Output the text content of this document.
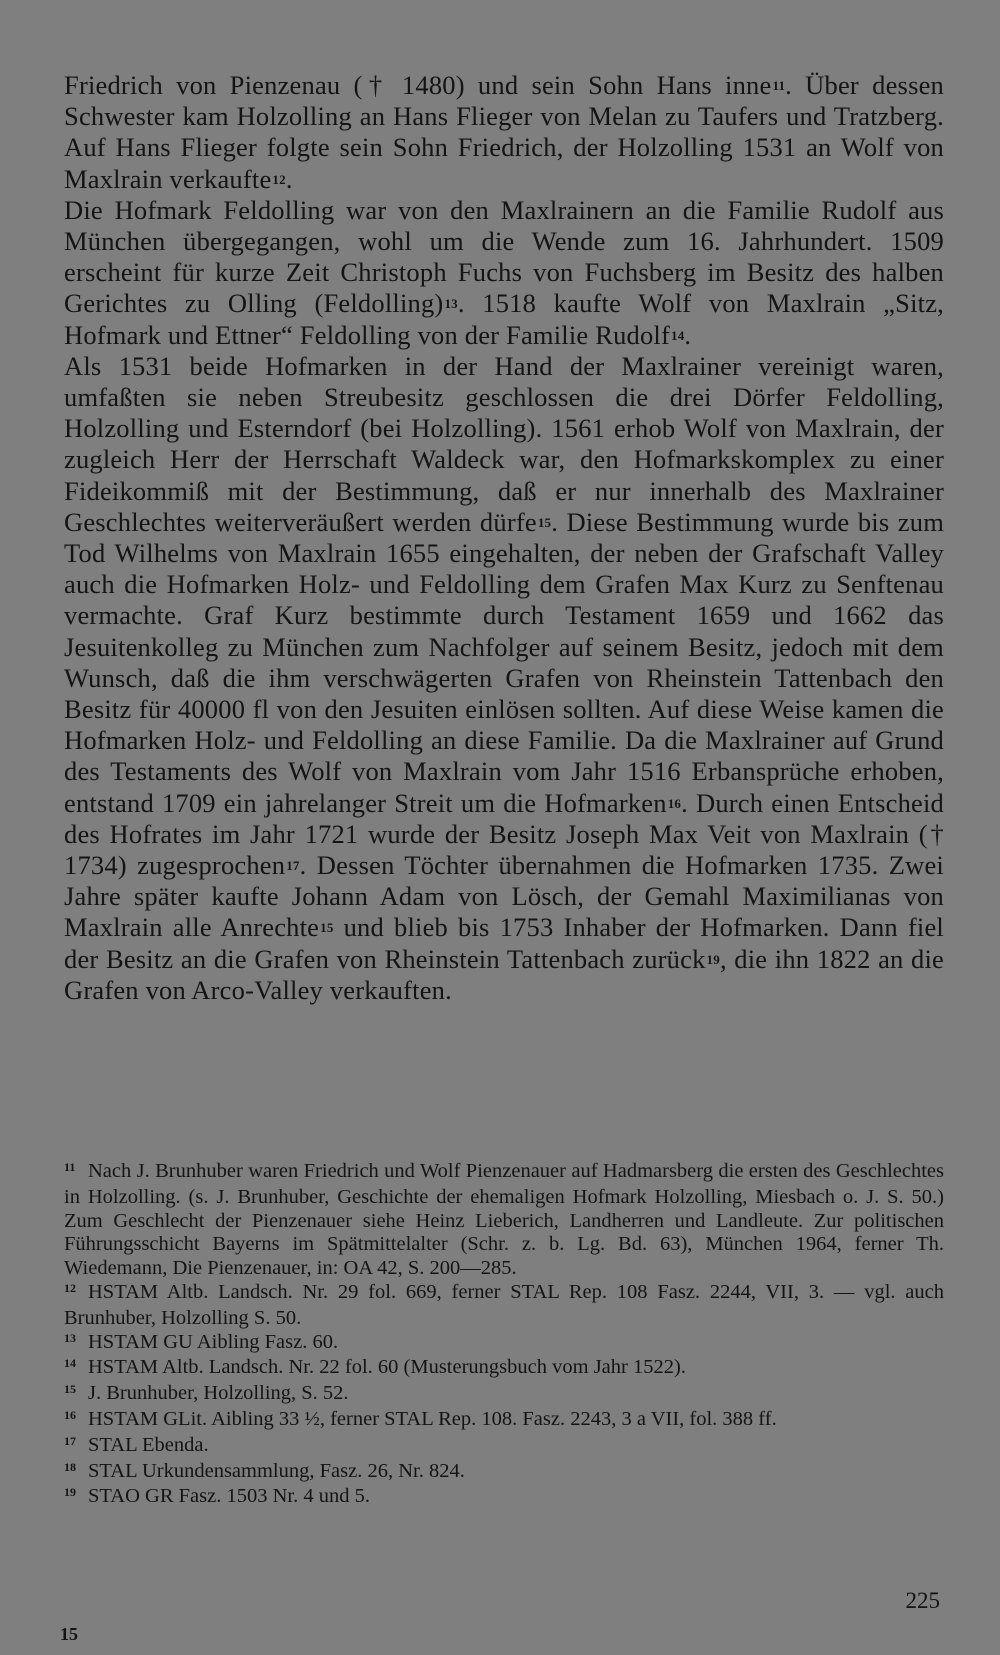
Friedrich von Pienzenau († 1480) und sein Sohn Hans inne$^{11}$. Über dessen Schwester kam Holzolling an Hans Flieger von Melan zu Taufers und Tratzberg. Auf Hans Flieger folgte sein Sohn Friedrich, der Holzolling 1531 an Wolf von Maxlrain verkaufte$^{12}$.

Die Hofmark Feldolling war von den Maxlrainern an die Familie Rudolf aus München übergegangen, wohl um die Wende zum 16. Jahrhundert. 1509 erscheint für kurze Zeit Christoph Fuchs von Fuchsberg im Besitz des halben Gerichtes zu Olling (Feldolling)$^{13}$. 1518 kaufte Wolf von Maxlrain „Sitz, Hofmark und Ettner“ Feldolling von der Familie Rudolf$^{14}$.

Als 1531 beide Hofmarken in der Hand der Maxlrainer vereinigt waren, umfaßten sie neben Streubesitz geschlossen die drei Dörfer Feldolling, Holzolling und Esterndorf (bei Holzolling). 1561 erhob Wolf von Maxlrain, der zugleich Herr der Herrschaft Waldeck war, den Hofmarkskomplex zu einer Fideikommiß mit der Bestimmung, daß er nur innerhalb des Maxlrainer Geschlechtes weiterveräußert werden dürfe$^{15}$. Diese Bestimmung wurde bis zum Tod Wilhelms von Maxlrain 1655 eingehalten, der neben der Grafschaft Valley auch die Hofmarken Holz- und Feldolling dem Grafen Max Kurz zu Senftenau vermachte. Graf Kurz bestimmte durch Testament 1659 und 1662 das Jesuitenkolleg zu München zum Nachfolger auf seinem Besitz, jedoch mit dem Wunsch, daß die ihm verschwägerten Grafen von Rheinstein Tattenbach den Besitz für 40000 fl von den Jesuiten einlösen sollten. Auf diese Weise kamen die Hofmarken Holz- und Feldolling an diese Familie. Da die Maxlrainer auf Grund des Testaments des Wolf von Maxlrain vom Jahr 1516 Erbansprüche erhoben, entstand 1709 ein jahrelanger Streit um die Hofmarken$^{16}$. Durch einen Entscheid des Hofrates im Jahr 1721 wurde der Besitz Joseph Max Veit von Maxlrain († 1734) zugesprochen$^{17}$. Dessen Töchter übernahmen die Hofmarken 1735. Zwei Jahre später kaufte Johann Adam von Lösch, der Gemahl Maximilianas von Maxlrain alle Anrechte$^{15}$ und blieb bis 1753 Inhaber der Hofmarken. Dann fiel der Besitz an die Grafen von Rheinstein Tattenbach zurück$^{19}$, die ihn 1822 an die Grafen von Arco-Valley verkauften.

11 Nach J. Brunhuber waren Friedrich und Wolf Pienzenauer auf Hadmarsberg die ersten des Geschlechtes in Holzolling. (s. J. Brunhuber, Geschichte der ehemaligen Hofmark Holzolling, Miesbach o. J. S. 50.) Zum Geschlecht der Pienzenauer siehe Heinz Lieberich, Landherren und Landleute. Zur politischen Führungsschicht Bayerns im Spätmittelalter (Schr. z. b. Lg. Bd. 63), München 1964, ferner Th. Wiedemann, Die Pienzenauer, in: OA 42, S. 200—285.
12 HSTAM Altb. Landsch. Nr. 29 fol. 669, ferner STAL Rep. 108 Fasz. 2244, VII, 3. — vgl. auch Brunhuber, Holzolling S. 50.
13 HSTAM GU Aibling Fasz. 60.
14 HSTAM Altb. Landsch. Nr. 22 fol. 60 (Musterungsbuch vom Jahr 1522).
15 J. Brunhuber, Holzolling, S. 52.
16 HSTAM GLit. Aibling 33 ½, ferner STAL Rep. 108. Fasz. 2243, 3 a VII, fol. 388 ff.
17 STAL Ebenda.
18 STAL Urkundensammlung, Fasz. 26, Nr. 824.
19 STAO GR Fasz. 1503 Nr. 4 und 5.
225
15
